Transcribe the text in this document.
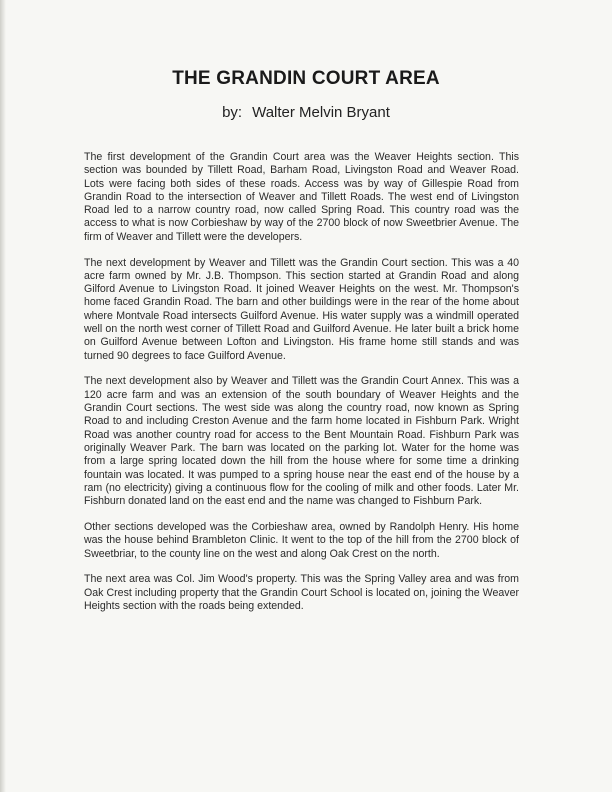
THE GRANDIN COURT AREA
by: Walter Melvin Bryant

The first development of the Grandin Court area was the Weaver Heights section. This section was bounded by Tillett Road, Barham Road, Livingston Road and Weaver Road. Lots were facing both sides of these roads. Access was by way of Gillespie Road from Grandin Road to the intersection of Weaver and Tillett Roads. The west end of Livingston Road led to a narrow country road, now called Spring Road. This country road was the access to what is now Corbieshaw by way of the 2700 block of now Sweetbrier Avenue. The firm of Weaver and Tillett were the developers.

The next development by Weaver and Tillett was the Grandin Court section. This was a 40 acre farm owned by Mr. J.B. Thompson. This section started at Grandin Road and along Gilford Avenue to Livingston Road. It joined Weaver Heights on the west. Mr. Thompson's home faced Grandin Road. The barn and other buildings were in the rear of the home about where Montvale Road intersects Guilford Avenue. His water supply was a windmill operated well on the north west corner of Tillett Road and Guilford Avenue. He later built a brick home on Guilford Avenue between Lofton and Livingston. His frame home still stands and was turned 90 degrees to face Guilford Avenue.

The next development also by Weaver and Tillett was the Grandin Court Annex. This was a 120 acre farm and was an extension of the south boundary of Weaver Heights and the Grandin Court sections. The west side was along the country road, now known as Spring Road to and including Creston Avenue and the farm home located in Fishburn Park. Wright Road was another country road for access to the Bent Mountain Road. Fishburn Park was originally Weaver Park. The barn was located on the parking lot. Water for the home was from a large spring located down the hill from the house where for some time a drinking fountain was located. It was pumped to a spring house near the east end of the house by a ram (no electricity) giving a continuous flow for the cooling of milk and other foods. Later Mr. Fishburn donated land on the east end and the name was changed to Fishburn Park.

Other sections developed was the Corbieshaw area, owned by Randolph Henry. His home was the house behind Brambleton Clinic. It went to the top of the hill from the 2700 block of Sweetbriar, to the county line on the west and along Oak Crest on the north.

The next area was Col. Jim Wood's property. This was the Spring Valley area and was from Oak Crest including property that the Grandin Court School is located on, joining the Weaver Heights section with the roads being extended.
